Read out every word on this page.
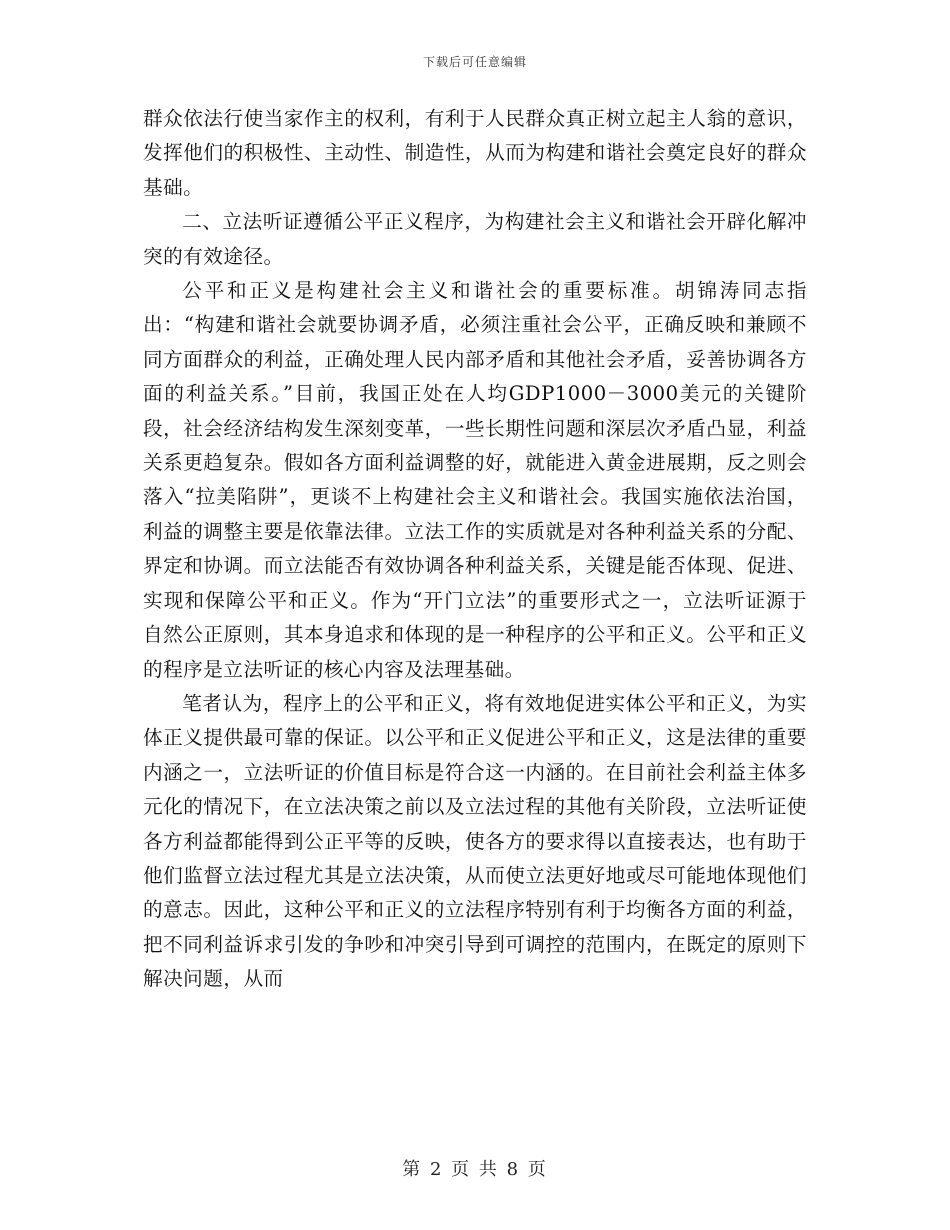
下载后可任意编辑

群众依法行使当家作主的权利，有利于人民群众真正树立起主人翁的意识，发挥他们的积极性、主动性、制造性，从而为构建和谐社会奠定良好的群众基础。

二、立法听证遵循公平正义程序，为构建社会主义和谐社会开辟化解冲突的有效途径。

公平和正义是构建社会主义和谐社会的重要标准。胡锦涛同志指出：“构建和谐社会就要协调矛盾，必须注重社会公平，正确反映和兼顾不同方面群众的利益，正确处理人民内部矛盾和其他社会矛盾，妥善协调各方面的利益关系。”目前，我国正处在人均GDP1000－3000美元的关键阶段，社会经济结构发生深刻变革，一些长期性问题和深层次矛盾凸显，利益关系更趋复杂。假如各方面利益调整的好，就能进入黄金进展期，反之则会落入“拉美陷阱”，更谈不上构建社会主义和谐社会。我国实施依法治国，利益的调整主要是依靠法律。立法工作的实质就是对各种利益关系的分配、界定和协调。而立法能否有效协调各种利益关系，关键是能否体现、促进、实现和保障公平和正义。作为“开门立法”的重要形式之一，立法听证源于自然公正原则，其本身追求和体现的是一种程序的公平和正义。公平和正义的程序是立法听证的核心内容及法理基础。

笔者认为，程序上的公平和正义，将有效地促进实体公平和正义，为实体正义提供最可靠的保证。以公平和正义促进公平和正义，这是法律的重要内涵之一，立法听证的价值目标是符合这一内涵的。在目前社会利益主体多元化的情况下，在立法决策之前以及立法过程的其他有关阶段，立法听证使各方利益都能得到公正平等的反映，使各方的要求得以直接表达，也有助于他们监督立法过程尤其是立法决策，从而使立法更好地或尽可能地体现他们的意志。因此，这种公平和正义的立法程序特别有利于均衡各方面的利益，把不同利益诉求引发的争吵和冲突引导到可调控的范围内，在既定的原则下解决问题，从而

第 2 页 共 8 页
